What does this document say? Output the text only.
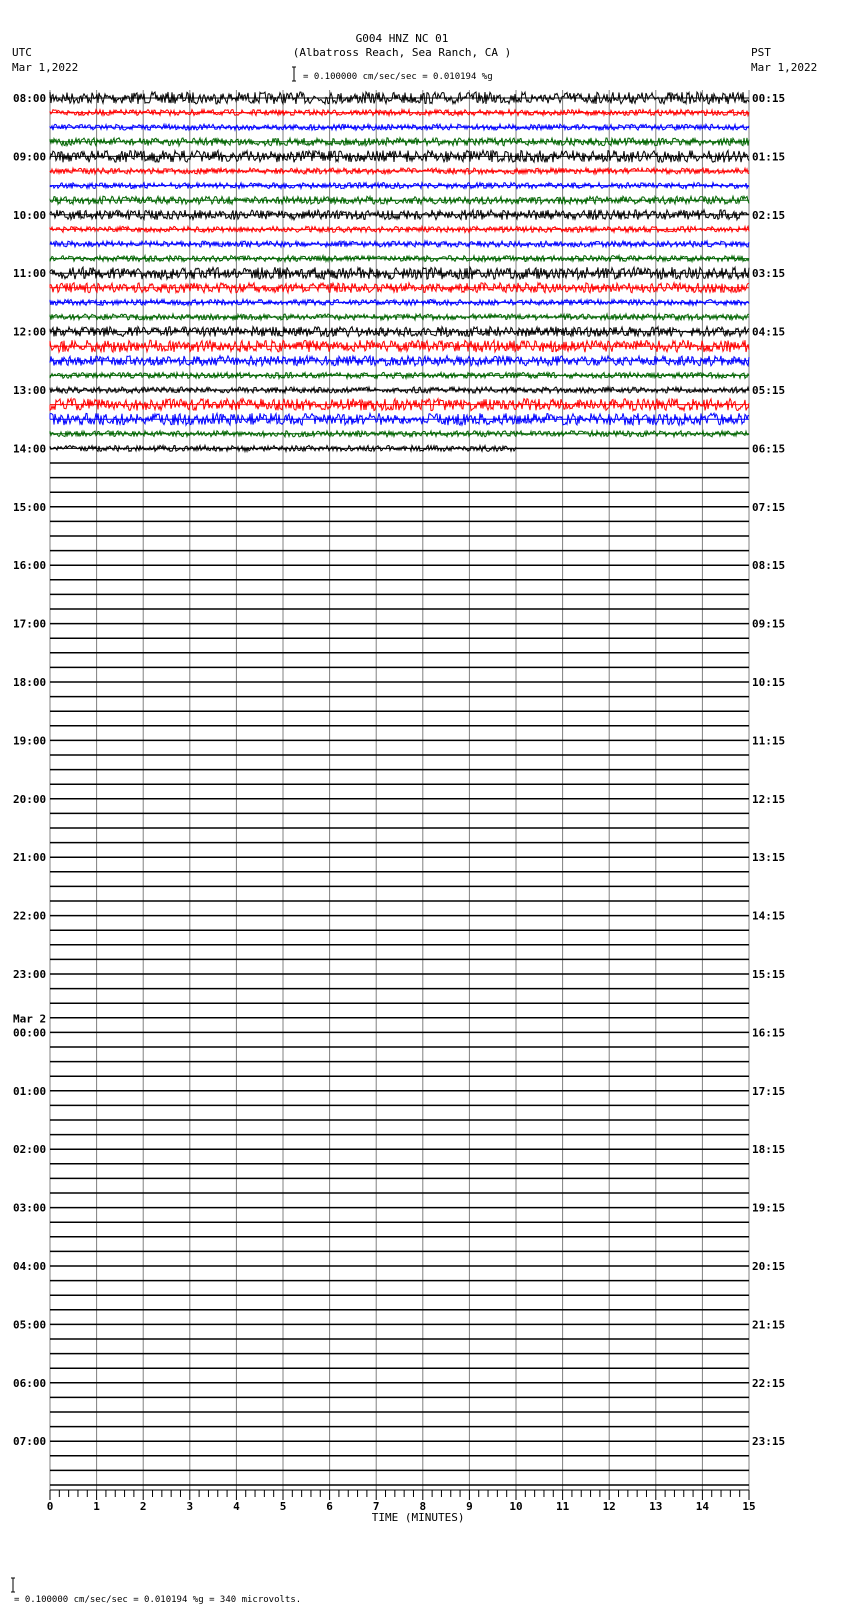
G004 HNZ NC 01
(Albatross Reach, Sea Ranch, CA )
UTC
Mar 1,2022
PST
Mar 1,2022
= 0.100000 cm/sec/sec = 0.010194 %g
= 0.100000 cm/sec/sec = 0.010194 %g = 340 microvolts.
08:00	00:15
09:00	01:15
10:00	02:15
11:00	03:15
12:00	04:15
13:00	05:15
14:00	06:15
15:00	07:15
16:00	08:15
17:00	09:15
18:00	10:15
19:00	11:15
20:00	12:15
21:00	13:15
22:00	14:15
23:00	15:15
Mar 2
00:00	16:15
01:00	17:15
02:00	18:15
03:00	19:15
04:00	20:15
05:00	21:15
06:00	22:15
07:00	23:15
0	1	2	3	4	5	6	7	8	9	10	11	12	13	14	15
TIME (MINUTES)
